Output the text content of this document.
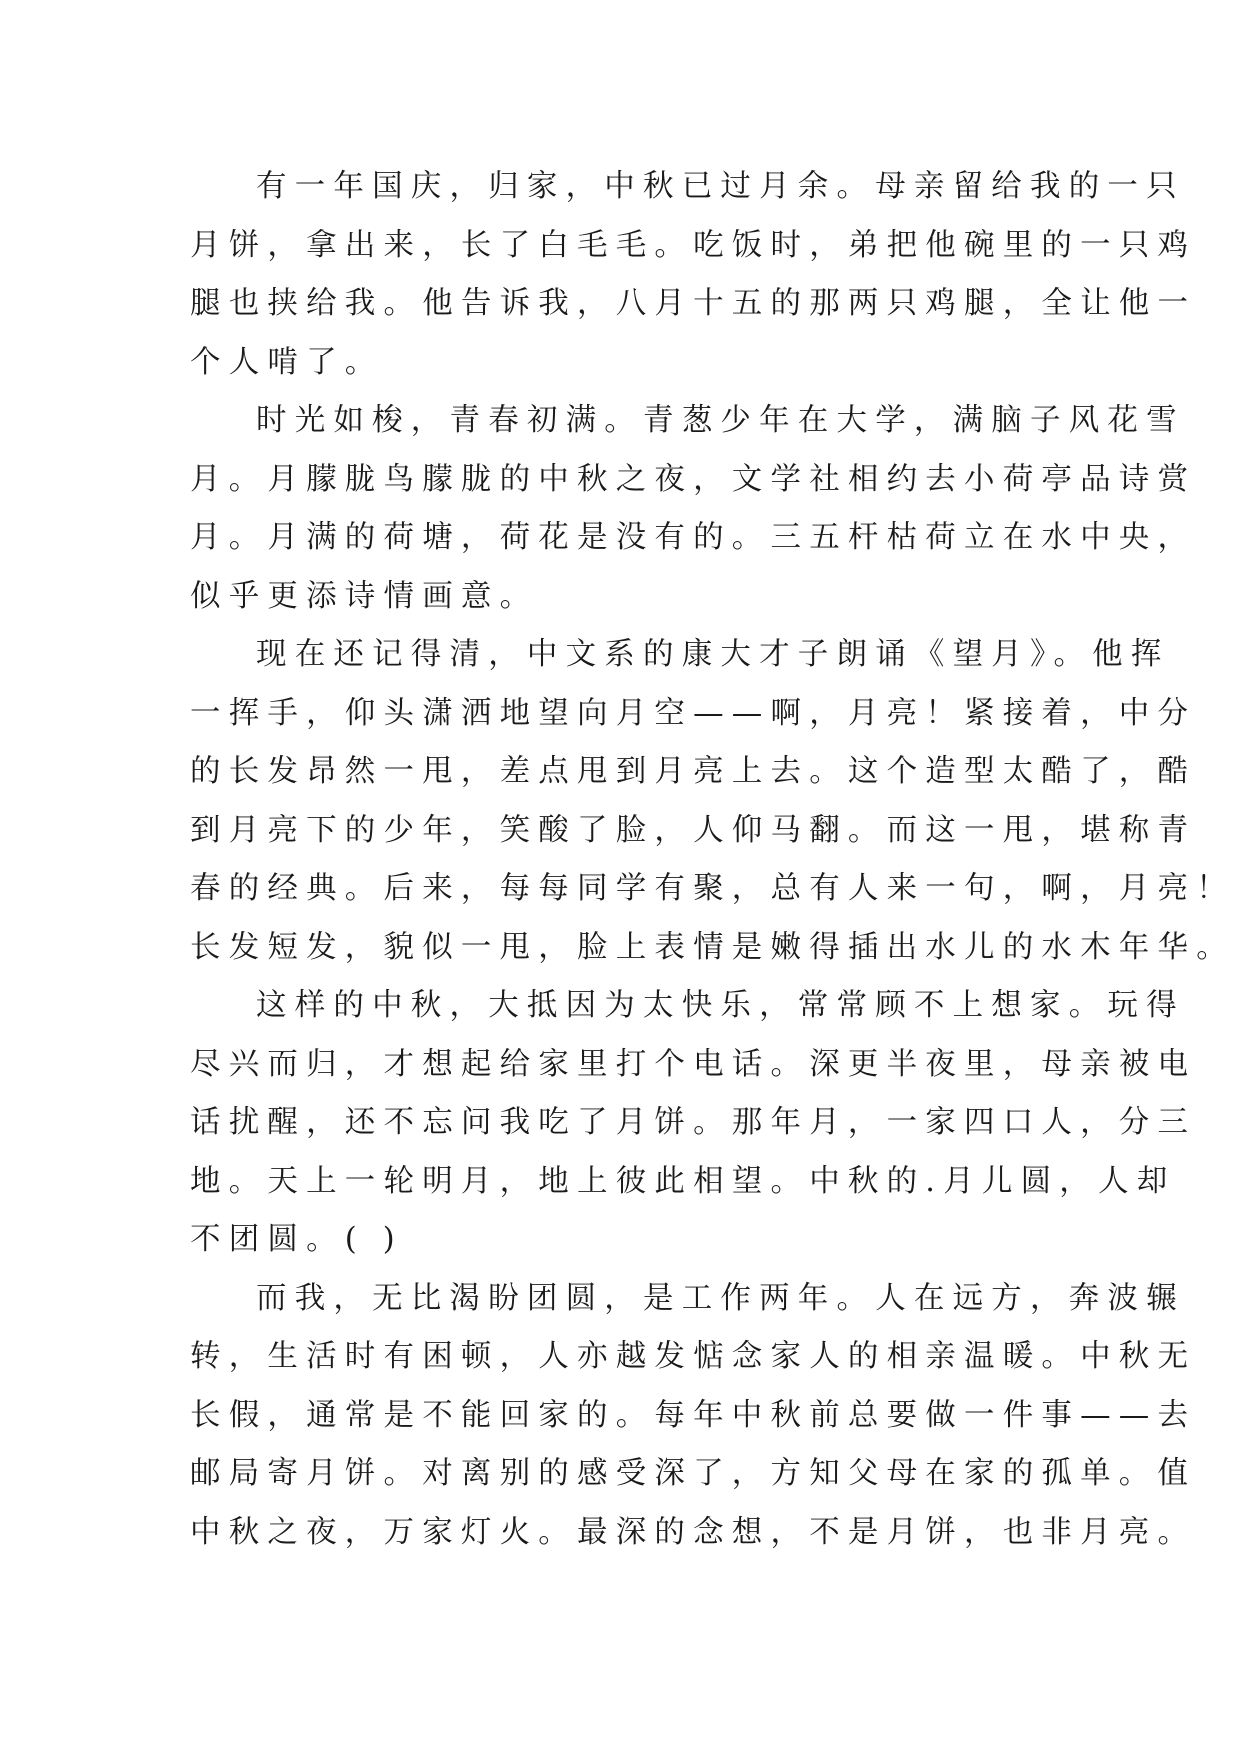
有一年国庆，归家，中秋已过月余。母亲留给我的一只
月饼，拿出来，长了白毛毛。吃饭时，弟把他碗里的一只鸡
腿也挟给我。他告诉我，八月十五的那两只鸡腿，全让他一
个人啃了。

时光如梭，青春初满。青葱少年在大学，满脑子风花雪
月。月朦胧鸟朦胧的中秋之夜，文学社相约去小荷亭品诗赏
月。月满的荷塘，荷花是没有的。三五杆枯荷立在水中央，
似乎更添诗情画意。

现在还记得清，中文系的康大才子朗诵《望月》。他挥
一挥手，仰头潇洒地望向月空——啊，月亮！紧接着，中分
的长发昂然一甩，差点甩到月亮上去。这个造型太酷了，酷
到月亮下的少年，笑酸了脸，人仰马翻。而这一甩，堪称青
春的经典。后来，每每同学有聚，总有人来一句，啊，月亮！
长发短发，貌似一甩，脸上表情是嫩得插出水儿的水木年华。

这样的中秋，大抵因为太快乐，常常顾不上想家。玩得
尽兴而归，才想起给家里打个电话。深更半夜里，母亲被电
话扰醒，还不忘问我吃了月饼。那年月，一家四口人，分三
地。天上一轮明月，地上彼此相望。中秋的.月儿圆，人却
不团圆。( )

而我，无比渴盼团圆，是工作两年。人在远方，奔波辗
转，生活时有困顿，人亦越发惦念家人的相亲温暖。中秋无
长假，通常是不能回家的。每年中秋前总要做一件事——去
邮局寄月饼。对离别的感受深了，方知父母在家的孤单。值
中秋之夜，万家灯火。最深的念想，不是月饼，也非月亮。
